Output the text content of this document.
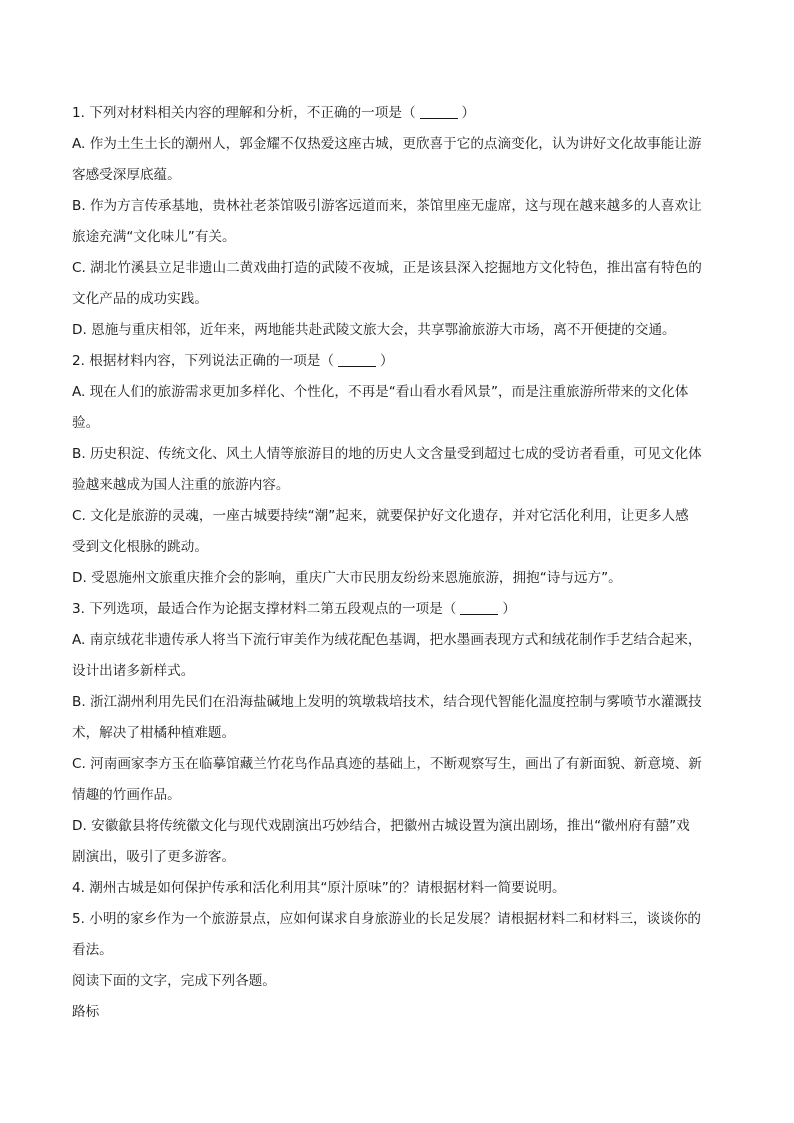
1. 下列对材料相关内容的理解和分析，不正确的一项是（	）
A. 作为土生土长的潮州人，郭金耀不仅热爱这座古城，更欣喜于它的点滴变化，认为讲好文化故事能让游
客感受深厚底蕴。
B. 作为方言传承基地，贵林社老茶馆吸引游客远道而来，茶馆里座无虚席，这与现在越来越多的人喜欢让
旅途充满“文化味儿”有关。
C. 湖北竹溪县立足非遗山二黄戏曲打造的武陵不夜城，正是该县深入挖掘地方文化特色，推出富有特色的
文化产品的成功实践。
D. 恩施与重庆相邻，近年来，两地能共赴武陵文旅大会，共享鄂渝旅游大市场，离不开便捷的交通。
2. 根据材料内容，下列说法正确的一项是（	）
A. 现在人们的旅游需求更加多样化、个性化，不再是“看山看水看风景”，而是注重旅游所带来的文化体
验。
B. 历史积淀、传统文化、风土人情等旅游目的地的历史人文含量受到超过七成的受访者看重，可见文化体
验越来越成为国人注重的旅游内容。
C. 文化是旅游的灵魂，一座古城要持续“潮”起来，就要保护好文化遗存，并对它活化利用，让更多人感
受到文化根脉的跳动。
D. 受恩施州文旅重庆推介会的影响，重庆广大市民朋友纷纷来恩施旅游，拥抱“诗与远方”。
3. 下列选项，最适合作为论据支撑材料二第五段观点的一项是（	）
A. 南京绒花非遗传承人将当下流行审美作为绒花配色基调，把水墨画表现方式和绒花制作手艺结合起来，
设计出诸多新样式。
B. 浙江湖州利用先民们在沿海盐碱地上发明的筑墩栽培技术，结合现代智能化温度控制与雾喷节水灌溉技
术，解决了柑橘种植难题。
C. 河南画家李方玉在临摹馆藏兰竹花鸟作品真迹的基础上，不断观察写生，画出了有新面貌、新意境、新
情趣的竹画作品。
D. 安徽歙县将传统徽文化与现代戏剧演出巧妙结合，把徽州古城设置为演出剧场，推出“徽州府有囍”戏
剧演出，吸引了更多游客。
4. 潮州古城是如何保护传承和活化利用其“原汁原味”的？请根据材料一简要说明。
5. 小明的家乡作为一个旅游景点，应如何谋求自身旅游业的长足发展？请根据材料二和材料三，谈谈你的
看法。
阅读下面的文字，完成下列各题。
路标
